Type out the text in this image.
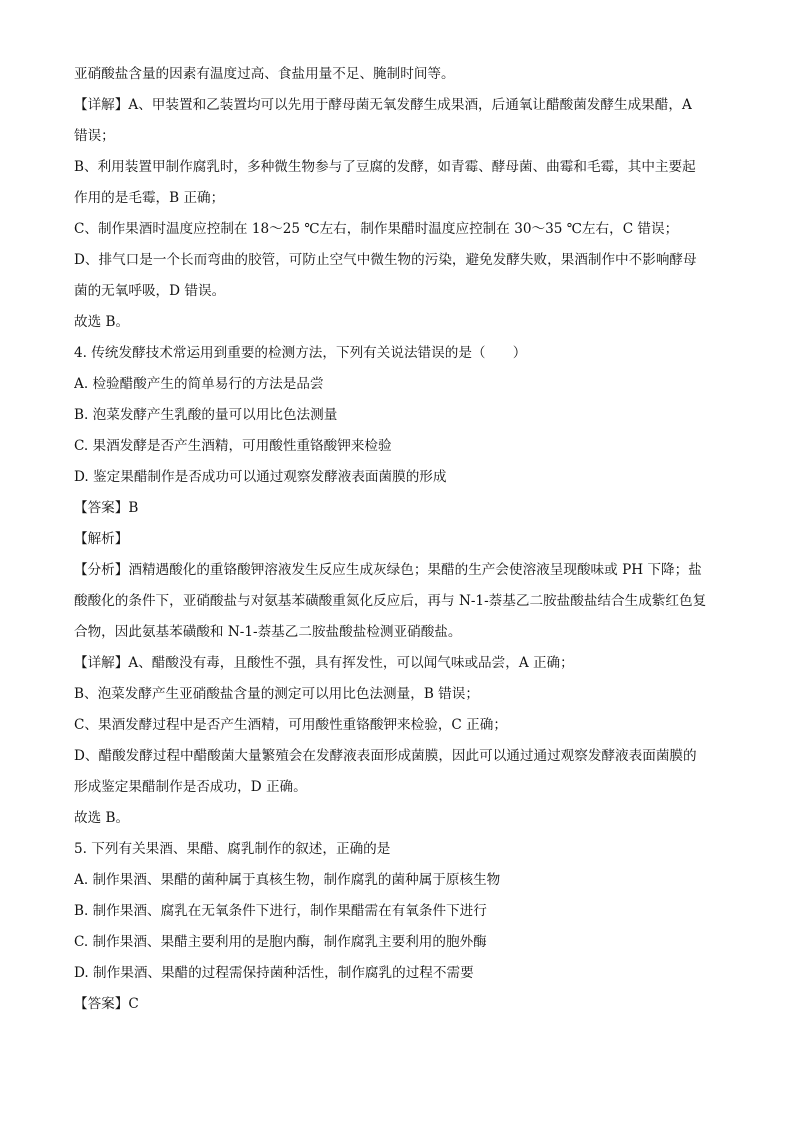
亚硝酸盐含量的因素有温度过高、食盐用量不足、腌制时间等。
【详解】A、甲装置和乙装置均可以先用于酵母菌无氧发酵生成果酒，后通氧让醋酸菌发酵生成果醋，A
错误；
B、利用装置甲制作腐乳时，多种微生物参与了豆腐的发酵，如青霉、酵母菌、曲霉和毛霉，其中主要起
作用的是毛霉，B 正确；
C、制作果酒时温度应控制在 18～25 ℃左右，制作果醋时温度应控制在 30～35 ℃左右，C 错误；
D、排气口是一个长而弯曲的胶管，可防止空气中微生物的污染，避免发酵失败，果酒制作中不影响酵母
菌的无氧呼吸，D 错误。
故选 B。
4. 传统发酵技术常运用到重要的检测方法，下列有关说法错误的是（　　）
A. 检验醋酸产生的简单易行的方法是品尝
B. 泡菜发酵产生乳酸的量可以用比色法测量
C. 果酒发酵是否产生酒精，可用酸性重铬酸钾来检验
D. 鉴定果醋制作是否成功可以通过观察发酵液表面菌膜的形成
【答案】B
【解析】
【分析】酒精遇酸化的重铬酸钾溶液发生反应生成灰绿色；果醋的生产会使溶液呈现酸味或 PH 下降；盐
酸酸化的条件下，亚硝酸盐与对氨基苯磺酸重氮化反应后，再与 N-1-萘基乙二胺盐酸盐结合生成紫红色复
合物，因此氨基苯磺酸和 N-1-萘基乙二胺盐酸盐检测亚硝酸盐。
【详解】A、醋酸没有毒，且酸性不强，具有挥发性，可以闻气味或品尝，A 正确；
B、泡菜发酵产生亚硝酸盐含量的测定可以用比色法测量，B 错误；
C、果酒发酵过程中是否产生酒精，可用酸性重铬酸钾来检验，C 正确；
D、醋酸发酵过程中醋酸菌大量繁殖会在发酵液表面形成菌膜，因此可以通过通过观察发酵液表面菌膜的
形成鉴定果醋制作是否成功，D 正确。
故选 B。
5. 下列有关果酒、果醋、腐乳制作的叙述，正确的是
A. 制作果酒、果醋的菌种属于真核生物，制作腐乳的菌种属于原核生物
B. 制作果酒、腐乳在无氧条件下进行，制作果醋需在有氧条件下进行
C. 制作果酒、果醋主要利用的是胞内酶，制作腐乳主要利用的胞外酶
D. 制作果酒、果醋的过程需保持菌种活性，制作腐乳的过程不需要
【答案】C
